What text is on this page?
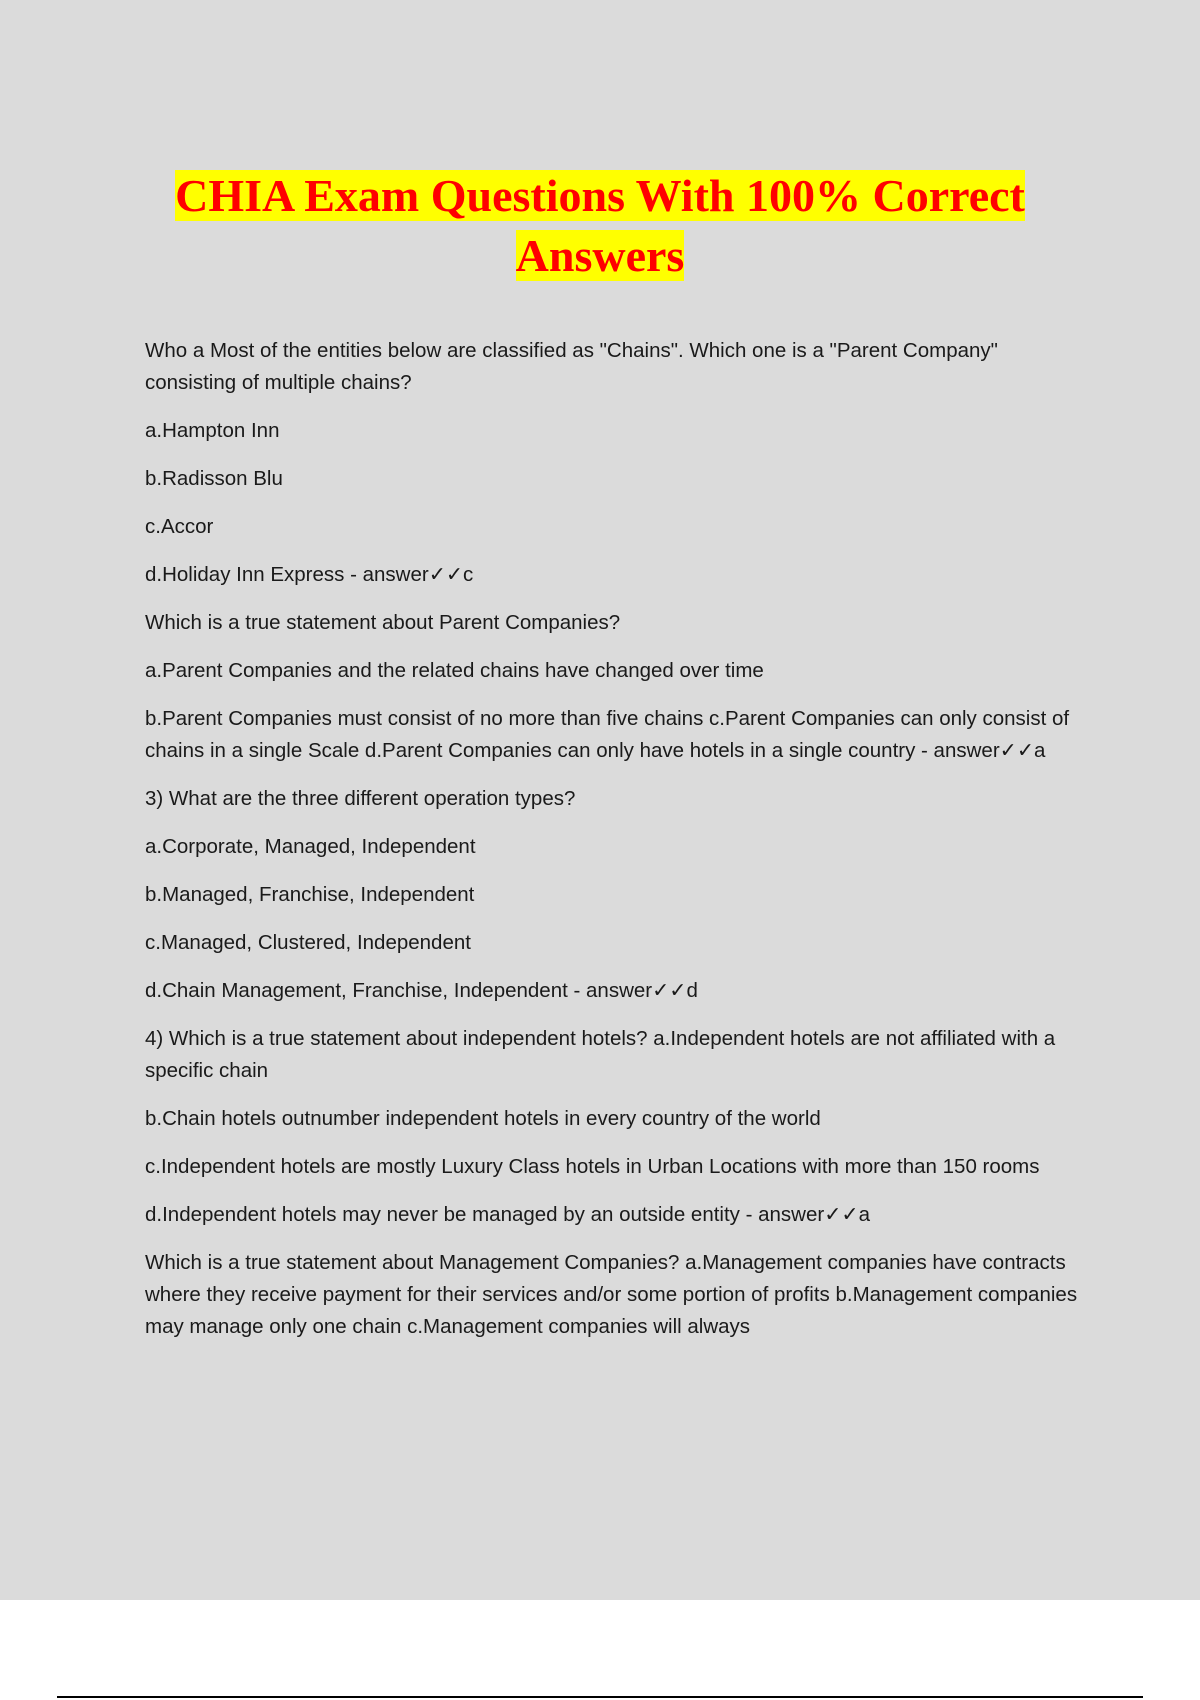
CHIA Exam Questions With 100% Correct
Answers

Who a Most of the entities below are classified as "Chains". Which one is a "Parent Company" consisting of multiple chains?

a.Hampton Inn

b.Radisson Blu

c.Accor

d.Holiday Inn Express - answer✓✓c

Which is a true statement about Parent Companies?

a.Parent Companies and the related chains have changed over time

b.Parent Companies must consist of no more than five chains c.Parent Companies can only consist of chains in a single Scale d.Parent Companies can only have hotels in a single country - answer✓✓a

3) What are the three different operation types?

a.Corporate, Managed, Independent

b.Managed, Franchise, Independent

c.Managed, Clustered, Independent

d.Chain Management, Franchise, Independent - answer✓✓d

4) Which is a true statement about independent hotels? a.Independent hotels are not affiliated with a specific chain

b.Chain hotels outnumber independent hotels in every country of the world

c.Independent hotels are mostly Luxury Class hotels in Urban Locations with more than 150 rooms

d.Independent hotels may never be managed by an outside entity - answer✓✓a

Which is a true statement about Management Companies? a.Management companies have contracts where they receive payment for their services and/or some portion of profits b.Management companies may manage only one chain c.Management companies will always
